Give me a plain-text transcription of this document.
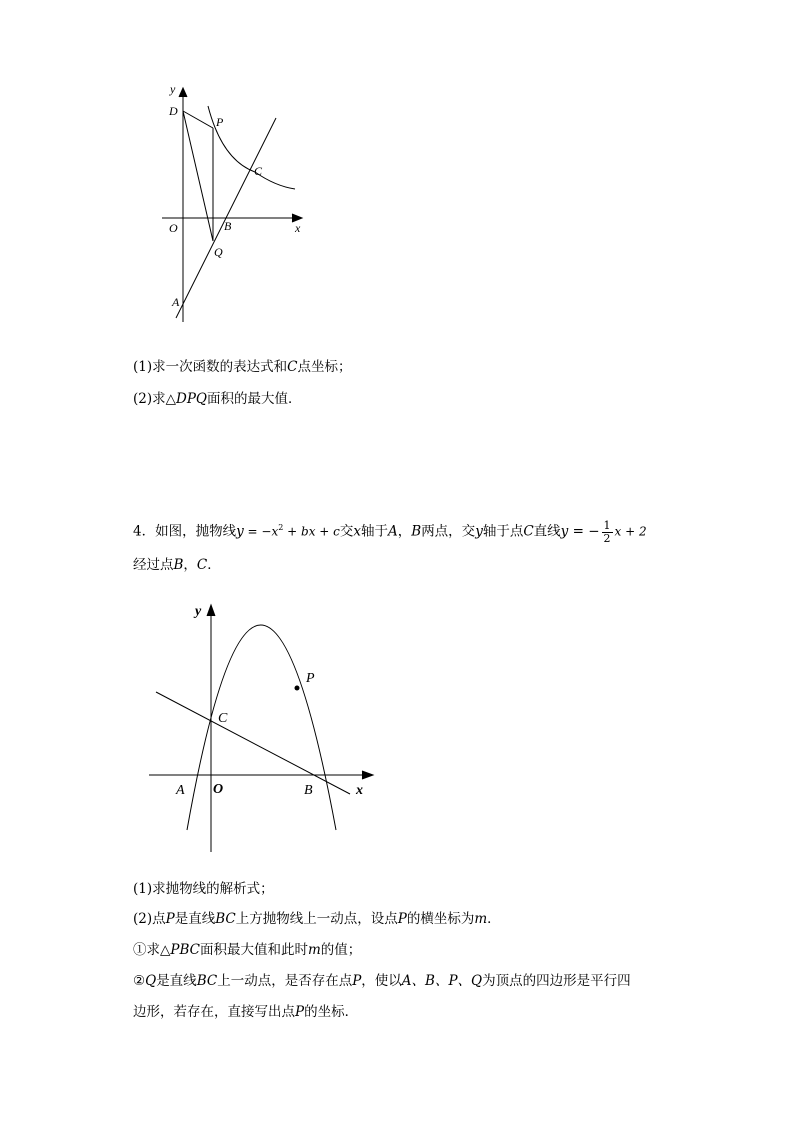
y
D
P
C
O	B	x
Q
A
(1)求一次函数的表达式和C点坐标；
(2)求△DPQ面积的最大值．
4．如图，抛物线$y = -x^2$ + bx + c交x轴于A，B两点，交y轴于点C直线y = − $\frac{1}{2}$ x + 2
经过点B，C．
y
P
C
A O	B	x
(1)求抛物线的解析式；
(2)点P是直线BC上方抛物线上一动点，设点P的横坐标为m．
①求△PBC面积最大值和此时m的值；
②Q是直线BC上一动点，是否存在点P，使以A、B、P、Q为顶点的四边形是平行四
边形，若存在，直接写出点P的坐标．
